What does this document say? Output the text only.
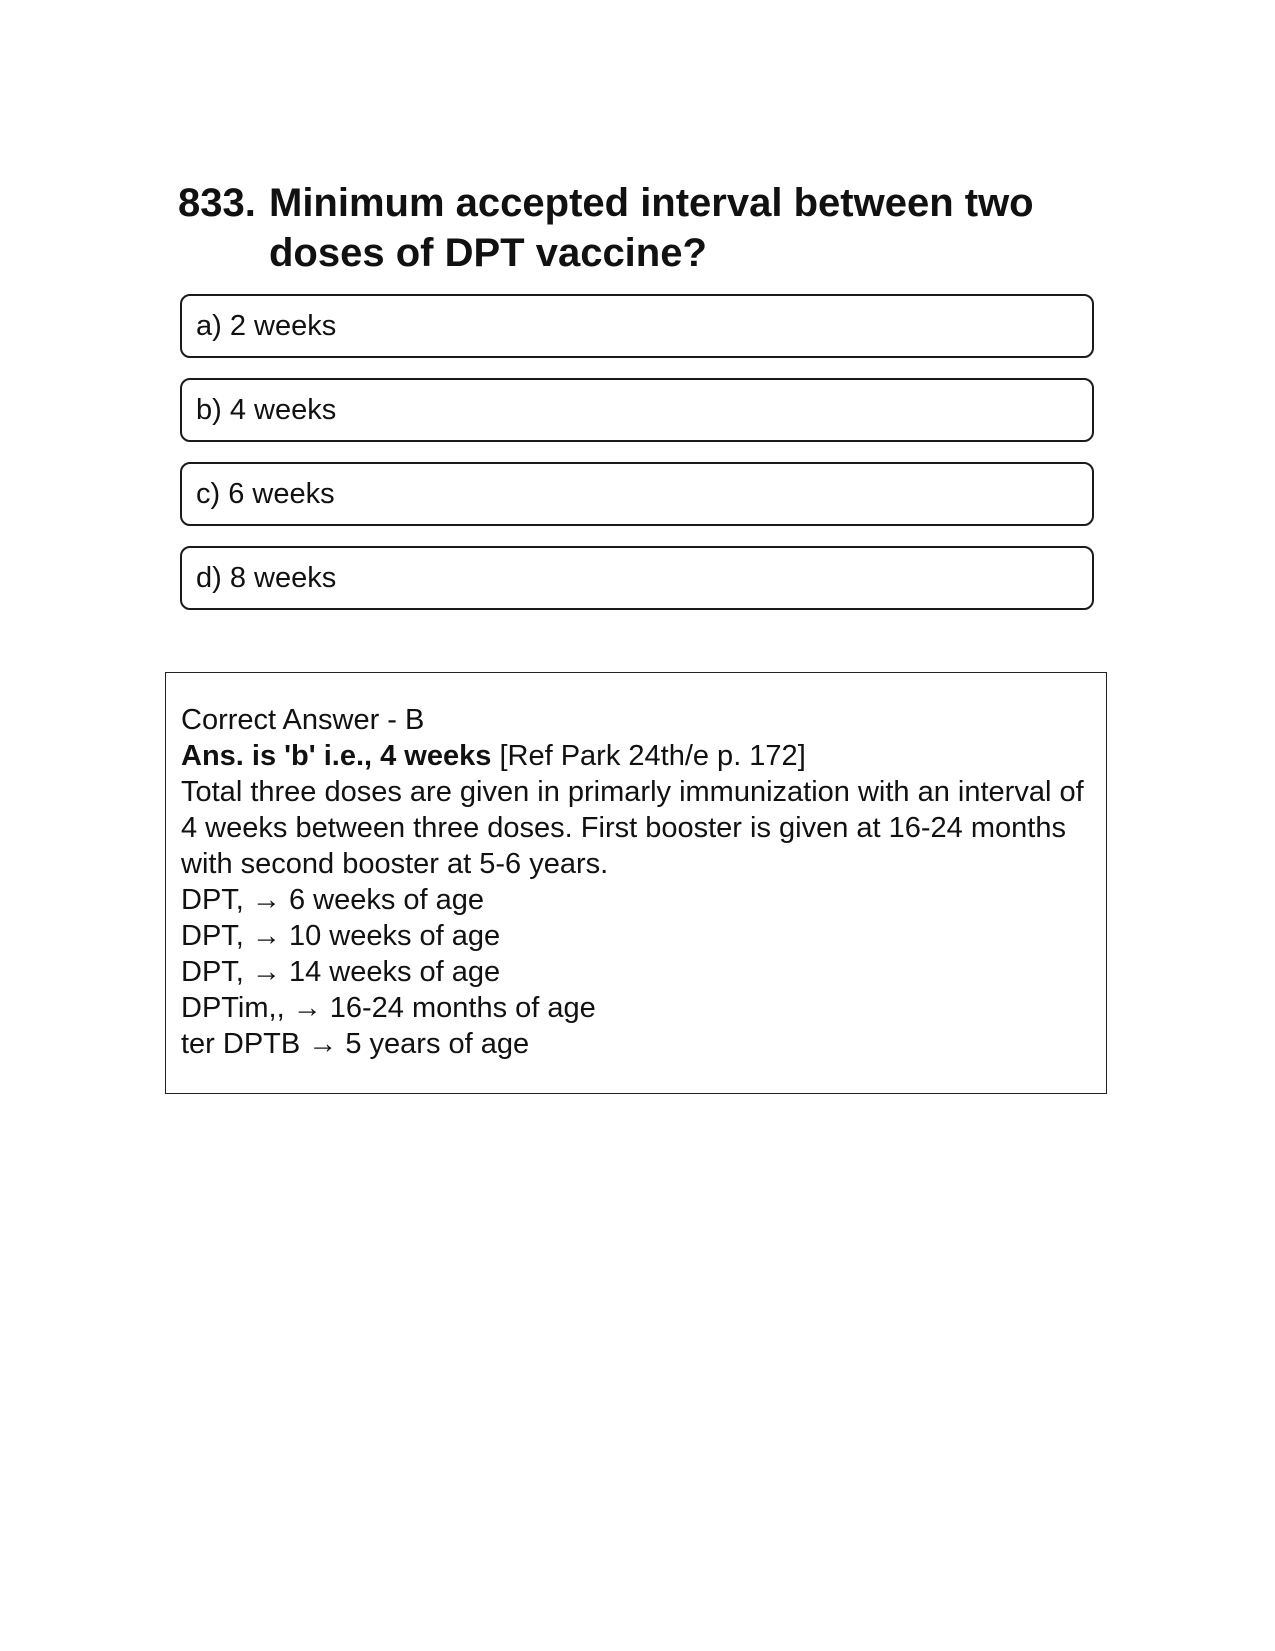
833. Minimum accepted interval between two doses of DPT vaccine?
a) 2 weeks
b) 4 weeks
c) 6 weeks
d) 8 weeks
Correct Answer - B
Ans. is 'b' i.e., 4 weeks [Ref Park 24th/e p. 172]
Total three doses are given in primarly immunization with an interval of 4 weeks between three doses. First booster is given at 16-24 months with second booster at 5-6 years.
DPT, → 6 weeks of age
DPT, → 10 weeks of age
DPT, → 14 weeks of age
DPTim,, → 16-24 months of age
ter DPTB → 5 years of age
